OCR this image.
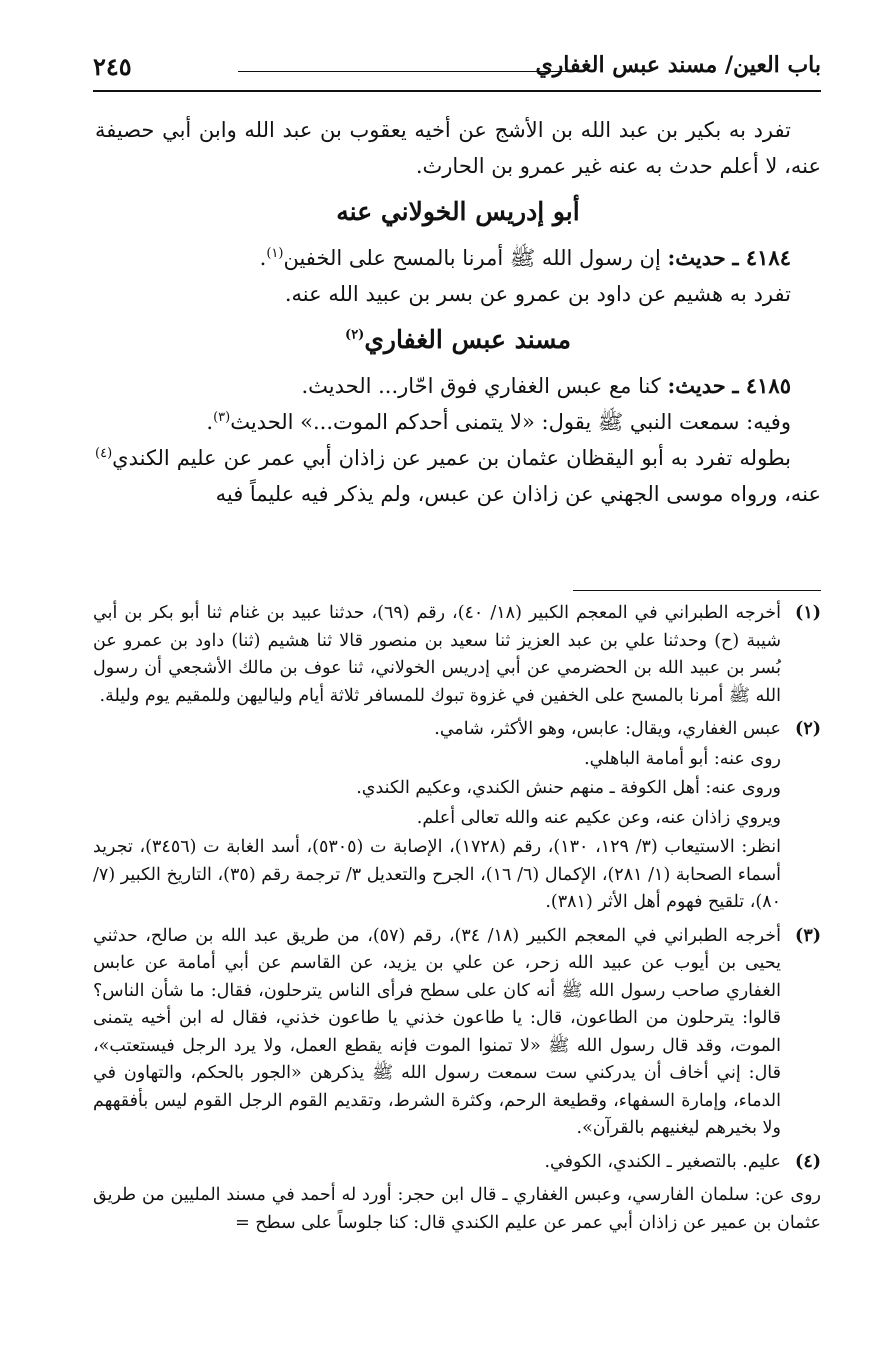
باب العين/ مسند عبس الغفاري
٢٤٥

تفرد به بكير بن عبد الله بن الأشج عن أخيه يعقوب بن عبد الله وابن أبي حصيفة عنه، لا أعلم حدث به عنه غير عمرو بن الحارث.

أبو إدريس الخولاني عنه

٤١٨٤ ـ حديث: إن رسول الله ﷺ أمرنا بالمسح على الخفين$^{(١)}$.

تفرد به هشيم عن داود بن عمرو عن بسر بن عبيد الله عنه.

مسند عبس الغفاري$^{(٢)}$

٤١٨٥ ـ حديث: كنا مع عبس الغفاري فوق احّار... الحديث.

وفيه: سمعت النبي ﷺ يقول: «لا يتمنى أحدكم الموت...» الحديث$^{(٣)}$.

بطوله تفرد به أبو اليقظان عثمان بن عمير عن زاذان أبي عمر عن عليم الكندي$^{(٤)}$ عنه، ورواه موسى الجهني عن زاذان عن عبس، ولم يذكر فيه عليماً فيه

(١)

أخرجه الطبراني في المعجم الكبير (١٨/ ٤٠)، رقم (٦٩)، حدثنا عبيد بن غنام ثنا أبو بكر بن أبي شيبة (ح) وحدثنا علي بن عبد العزيز ثنا سعيد بن منصور قالا ثنا هشيم (ثنا) داود بن عمرو عن بُسر بن عبيد الله بن الحضرمي عن أبي إدريس الخولاني، ثنا عوف بن مالك الأشجعي أن رسول الله ﷺ أمرنا بالمسح على الخفين في غزوة تبوك للمسافر ثلاثة أيام ولياليهن وللمقيم يوم وليلة.

(٢)

عبس الغفاري، ويقال: عابس، وهو الأكثر، شامي.

روى عنه: أبو أمامة الباهلي.

وروى عنه: أهل الكوفة ـ منهم حنش الكندي، وعكيم الكندي.

ويروي زاذان عنه، وعن عكيم عنه والله تعالى أعلم.

انظر: الاستيعاب (٣/ ١٢٩، ١٣٠)، رقم (١٧٢٨)، الإصابة ت (٥٣٠٥)، أسد الغابة ت (٣٤٥٦)، تجريد أسماء الصحابة (١/ ٢٨١)، الإكمال (٦/ ١٦)، الجرح والتعديل ٣/ ترجمة رقم (٣٥)، التاريخ الكبير (٧/ ٨٠)، تلقيح فهوم أهل الأثر (٣٨١).

(٣)

أخرجه الطبراني في المعجم الكبير (١٨/ ٣٤)، رقم (٥٧)، من طريق عبد الله بن صالح، حدثني يحيى بن أيوب عن عبيد الله زحر، عن علي بن يزيد، عن القاسم عن أبي أمامة عن عابس الغفاري صاحب رسول الله ﷺ أنه كان على سطح فرأى الناس يترحلون، فقال: ما شأن الناس؟ قالوا: يترحلون من الطاعون، قال: يا طاعون خذني يا طاعون خذني، فقال له ابن أخيه يتمنى الموت، وقد قال رسول الله ﷺ «لا تمنوا الموت فإنه يقطع العمل، ولا يرد الرجل فيستعتب»، قال: إني أخاف أن يدركني ست سمعت رسول الله ﷺ يذكرهن «الجور بالحكم، والتهاون في الدماء، وإمارة السفهاء، وقطيعة الرحم، وكثرة الشرط، وتقديم القوم الرجل القوم ليس بأفقههم ولا بخيرهم ليغنيهم بالقرآن».

(٤)

عليم. بالتصغير ـ الكندي، الكوفي.

روى عن: سلمان الفارسي، وعبس الغفاري ـ قال ابن حجر: أورد له أحمد في مسند المليين من طريق عثمان بن عمير عن زاذان أبي عمر عن عليم الكندي قال: كنا جلوساً على سطح =
